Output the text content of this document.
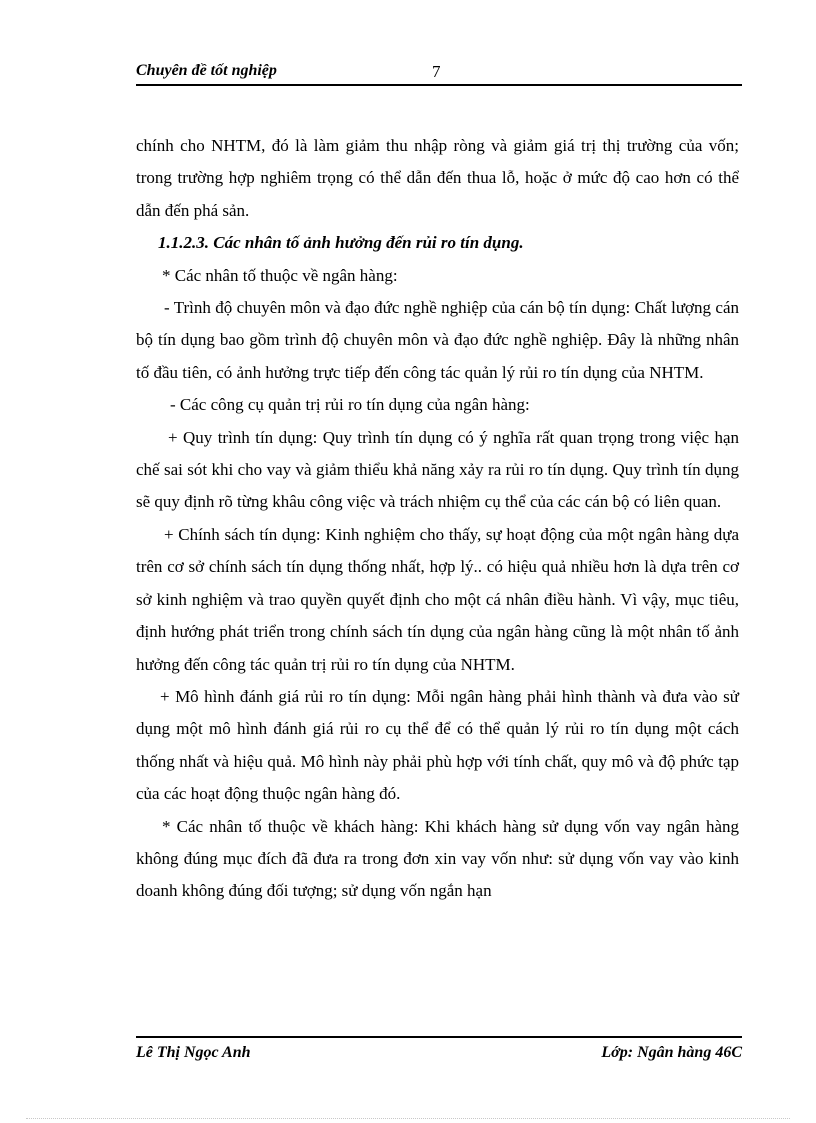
Chuyên đề tốt nghiệp	7

chính cho NHTM, đó là làm giảm thu nhập ròng và giảm giá trị thị trường của vốn; trong trường hợp nghiêm trọng có thể dẫn đến thua lỗ, hoặc ở mức độ cao hơn có thể dẫn đến phá sản.

1.1.2.3. Các nhân tố ảnh hưởng đến rủi ro tín dụng.

* Các nhân tố thuộc về ngân hàng:

- Trình độ chuyên môn và đạo đức nghề nghiệp của cán bộ tín dụng: Chất lượng cán bộ tín dụng bao gồm trình độ chuyên môn và đạo đức nghề nghiệp. Đây là những nhân tố đầu tiên, có ảnh hưởng trực tiếp đến công tác quản lý rủi ro tín dụng của NHTM.

- Các công cụ quản trị rủi ro tín dụng của ngân hàng:

+ Quy trình tín dụng: Quy trình tín dụng có ý nghĩa rất quan trọng trong việc hạn chế sai sót khi cho vay và giảm thiểu khả năng xảy ra rủi ro tín dụng. Quy trình tín dụng sẽ quy định rõ từng khâu công việc và trách nhiệm cụ thể của các cán bộ có liên quan.

+ Chính sách tín dụng: Kinh nghiệm cho thấy, sự hoạt động của một ngân hàng dựa trên cơ sở chính sách tín dụng thống nhất, hợp lý.. có hiệu quả nhiều hơn là dựa trên cơ sở kinh nghiệm và trao quyền quyết định cho một cá nhân điều hành. Vì vậy, mục tiêu, định hướng phát triển trong chính sách tín dụng của ngân hàng cũng là một nhân tố ảnh hưởng đến công tác quản trị rủi ro tín dụng của NHTM.

+ Mô hình đánh giá rủi ro tín dụng: Mỗi ngân hàng phải hình thành và đưa vào sử dụng một mô hình đánh giá rủi ro cụ thể để có thể quản lý rủi ro tín dụng một cách thống nhất và hiệu quả. Mô hình này phải phù hợp với tính chất, quy mô và độ phức tạp của các hoạt động thuộc ngân hàng đó.

* Các nhân tố thuộc về khách hàng: Khi khách hàng sử dụng vốn vay ngân hàng không đúng mục đích đã đưa ra trong đơn xin vay vốn như: sử dụng vốn vay vào kinh doanh không đúng đối tượng; sử dụng vốn ngắn hạn

Lê Thị Ngọc Anh	Lớp: Ngân hàng 46C
